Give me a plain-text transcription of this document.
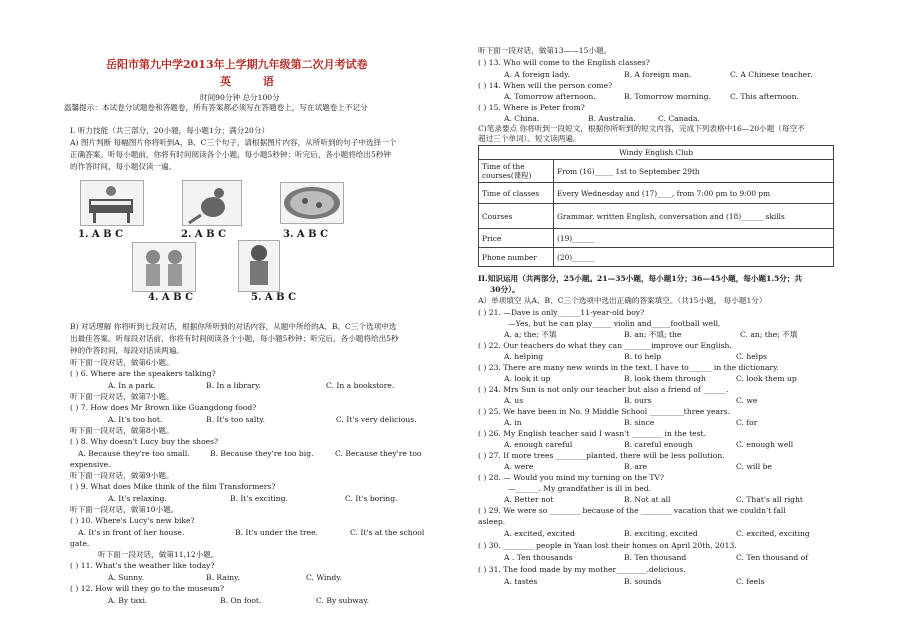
岳阳市第九中学2013年上学期九年级第二次月考试卷
英 语
时间90分钟 总分100分
温馨提示：本试卷分试题卷和答题卷，所有答案都必须写在答题卷上，写在试题卷上不记分
I. 听力技能（共三部分，20小题，每小题1分；满分20分）
A) 图片判断 每幅图片你将听到A、B、C三个句子，请根据图片内容，从所听到的句子中选择一个
正确答案。听每小题前，你将有时间阅读各个小题，每小题5秒钟；听完后，各小题将给出5秒钟
的作答时间，每小题仅读一遍。
1. A B C	2. A B C	3. A B C
4. A B C	5. A B C
B) 对话理解 你将听到七段对话，根据你所听到的对话内容，从题中所给的A、B、C三个选项中选
出最佳答案。听每段对话前，你将有时间阅读各个小题，每小题5秒钟；听完后，各小题将给出5秒
钟的作答时间，每段对话读两遍。
听下面一段对话，做第6小题。
( ) 6. Where are the speakers talking?
A. In a park.	B. In a library.	C. In a bookstore.
听下面一段对话，做第7小题。
( ) 7. How does Mr Brown like Guangdong food?
A. It's too hot.	B. It's too salty.	C. It's very delicious.
听下面一段对话，做第8小题。
( ) 8. Why doesn't Lucy buy the shoes?
A. Because they're too small.	B. Because they're too big.	C. Because they're too
expensive.
听下面一段对话，做第9小题。
( ) 9. What does Mike think of the film Transformers?
A. It's relaxing.	B. It's exciting.	C. It's boring.
听下面一段对话，做第10小题。
( ) 10. Where's Lucy's new bike?
A. It's in front of her house.	B. It's under the tree.	C. It's at the school
gate.
听下面一段对话，做第11,12小题。
( ) 11. What's the weather like today?
A. Sunny.	B. Rainy.	C. Windy.
( ) 12. How will they go to the museum?
A. By taxi.	B. On foot.	C. By subway.
听下面一段对话，做第13——15小题。
( ) 13. Who will come to the English classes?
A. A foreign lady.	B. A foreign man.	C. A Chinese teacher.
( ) 14. When will the person come?
A. Tomorrow afternoon.	B. Tomorrow morning.	C. This afternoon.
( ) 15. Where is Peter from?
A. China.	B. Australia.	C. Canada.
C)笔录要点 你将听到一段短文，根据你所听到的短文内容，完成下列表格中16—20小题（每空不
超过三个单词）。短文读两遍。
Windy English Club	

Time of the
courses(课程)	From (16)_____ 1st to September 29th
Time of classes	Every Wednesday and (17)____, from 7:00 pm to 9:00 pm
Courses	Grammar, written English, conversation and (18)______ skills
Price	(19)______
Phone number	(20)______
II.知识运用（共两部分，25小题。21—35小题，每小题1分；36—45小题，每小题1.5分；共
30分）。
A）单项填空 从A、B、C三个选项中选出正确的答案填空。（共15小题， 每小题1分）
( ) 21. —Dave is only______11-year-old boy?
—Yes, but he can play_____ violin and_____football well.
A. a; the; 不填	B. an; 不填; the	C. an; the; 不填
( ) 22. Our teachers do what they can _______improve our English.
A. helping	B. to help	C. helps
( ) 23. There are many new words in the text. I have to______ in the dictionary.
A. look it up	B. look them through	C. look them up
( ) 24. Mrs Sun is not only our teacher but also a friend of ______.
A. us	B. ours	C. we
( ) 25. We have been in No. 9 Middle School _________three years.
A. in	B. since	C. for
( ) 26. My English teacher said I wasn't ________ in the test.
A. enough careful	B. careful enough	C. enough well
( ) 27. If more trees ________planted, there will be less pollution.
A. were	B. are	C. will be
( ) 28. — Would you mind my turning on the TV?
—______. My grandfather is ill in bed.
A. Better not	B. Not at all	C. That's all right
( ) 29. We were so ________ because of the ________ vacation that we couldn't fall
asleep.
A. excited, excited	B. exciting, excited	C. excited, exciting
( ) 30. ________ people in Yaan lost their homes on April 20th, 2013.
A . Ten thousands	B. Ten thousand	C. Ten thousand of
( ) 31. The food made by my mother________.delicious.
A. tastes	B. sounds	C. feels
